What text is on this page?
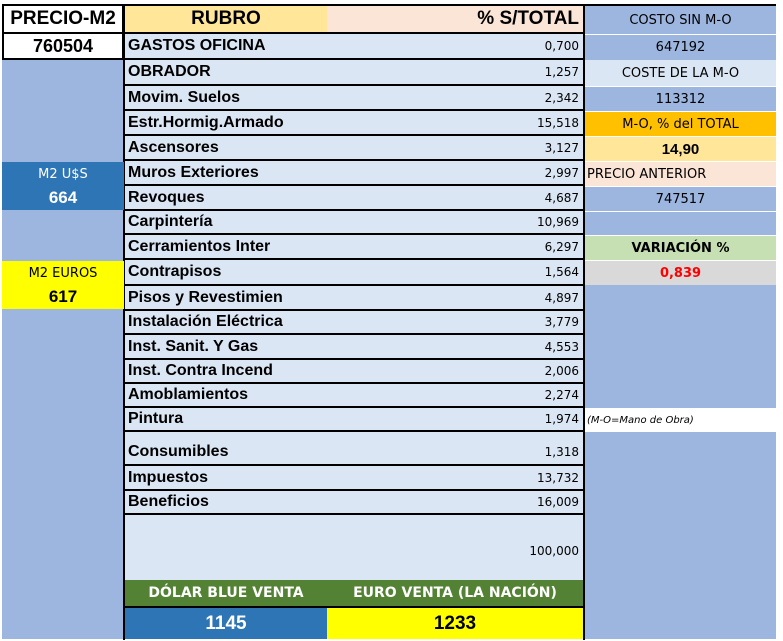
PRECIO-M2
760504
M2 U$S
664
M2 EUROS
617
RUBRO	% S/TOTAL
GASTOS OFICINA	0,700
OBRADOR	1,257
Movim. Suelos	2,342
Estr.Hormig.Armado	15,518
Ascensores	3,127
Muros Exteriores	2,997
Revoques	4,687
Carpintería	10,969
Cerramientos Inter	6,297
Contrapisos	1,564
Pisos y Revestimien	4,897
Instalación Eléctrica	3,779
Inst. Sanit. Y Gas	4,553
Inst. Contra Incend	2,006
Amoblamientos	2,274
Pintura	1,974
Consumibles	1,318
Impuestos	13,732
Beneficios	16,009
100,000
DÓLAR BLUE VENTA	EURO VENTA (LA NACIÓN)
1145	1233
COSTO SIN M-O
647192
COSTE DE LA M-O
113312
M-O, % del TOTAL
14,90
PRECIO ANTERIOR
747517
VARIACIÓN %
0,839
(M-O=Mano de Obra)
